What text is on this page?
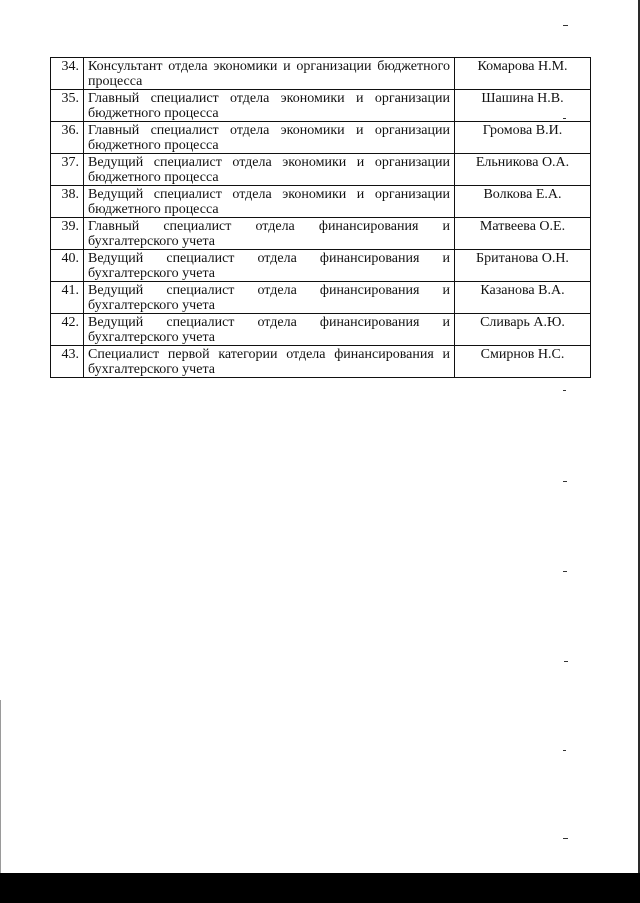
34.	Консультант отдела экономики и организации бюджетного процесса	Комарова Н.М.
35.	Главный специалист отдела экономики и организации бюджетного процесса	Шашина Н.В.
36.	Главный специалист отдела экономики и организации бюджетного процесса	Громова В.И.
37.	Ведущий специалист отдела экономики и организации бюджетного процесса	Ельникова О.А.
38.	Ведущий специалист отдела экономики и организации бюджетного процесса	Волкова Е.А.
39.	Главный специалист отдела финансирования и бухгалтерского учета	Матвеева О.Е.
40.	Ведущий специалист отдела финансирования и бухгалтерского учета	Британова О.Н.
41.	Ведущий специалист отдела финансирования и бухгалтерского учета	Казанова В.А.
42.	Ведущий специалист отдела финансирования и бухгалтерского учета	Сливарь А.Ю.
43.	Специалист первой категории отдела финансирования и бухгалтерского учета	Смирнов Н.С.
